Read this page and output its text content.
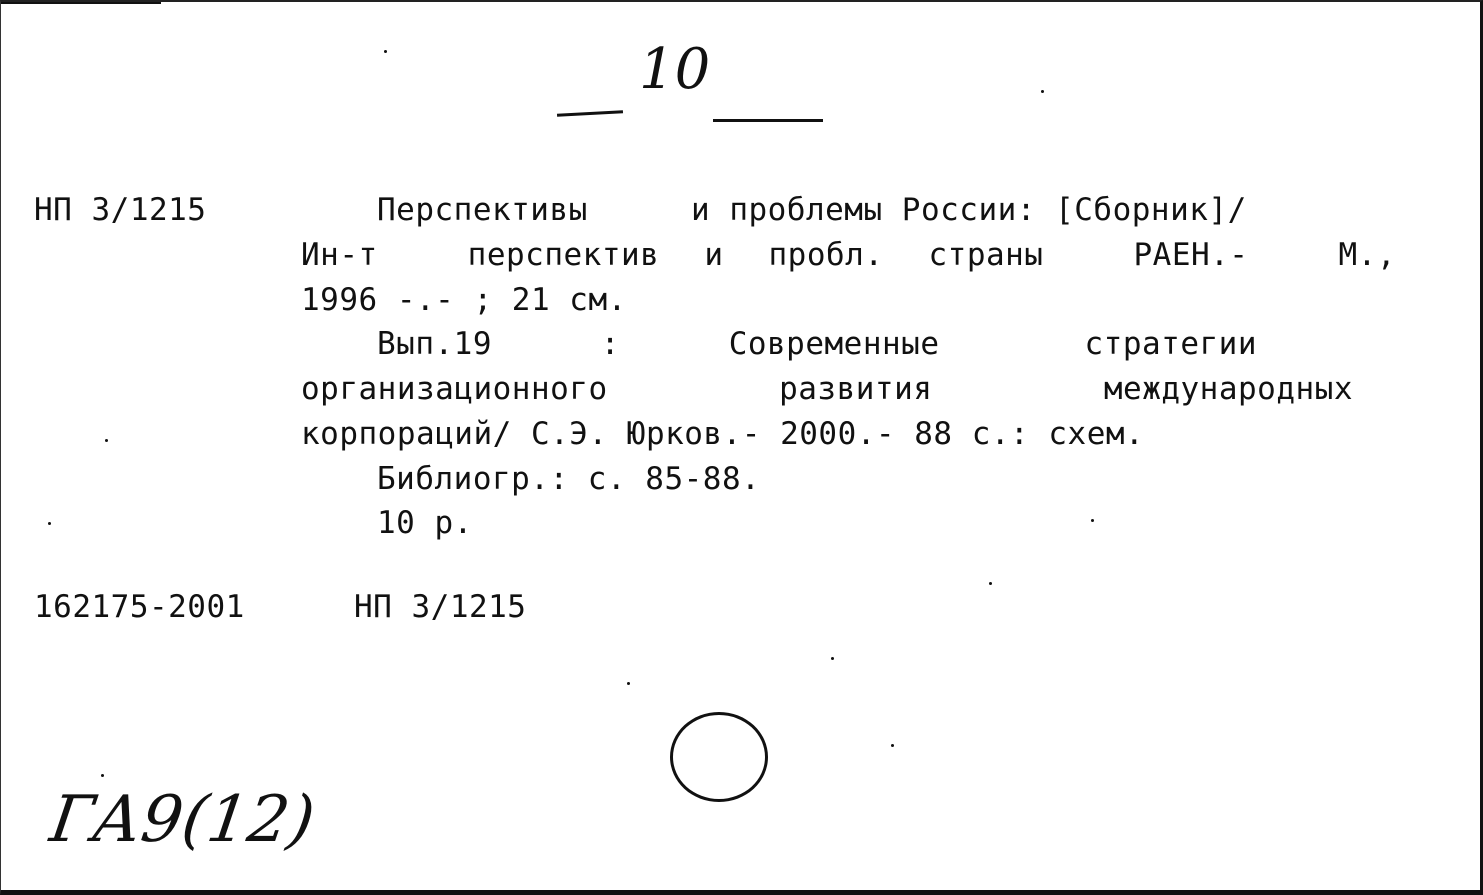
10
НП 3/1215	Перспективы	и проблемы России: [Сборник]/
Ин-т  перспектив и пробл. страны  РАЕН.-  М.,
1996 -.- ; 21 см.
Вып.19   :   Современные    стратегии
организационного   развития   международных
корпораций/ С.Э. Юрков.- 2000.- 88 с.: схем.
Библиогр.: с. 85-88.
10 р.
162175-2001	НП 3/1215
ГА9(12)
